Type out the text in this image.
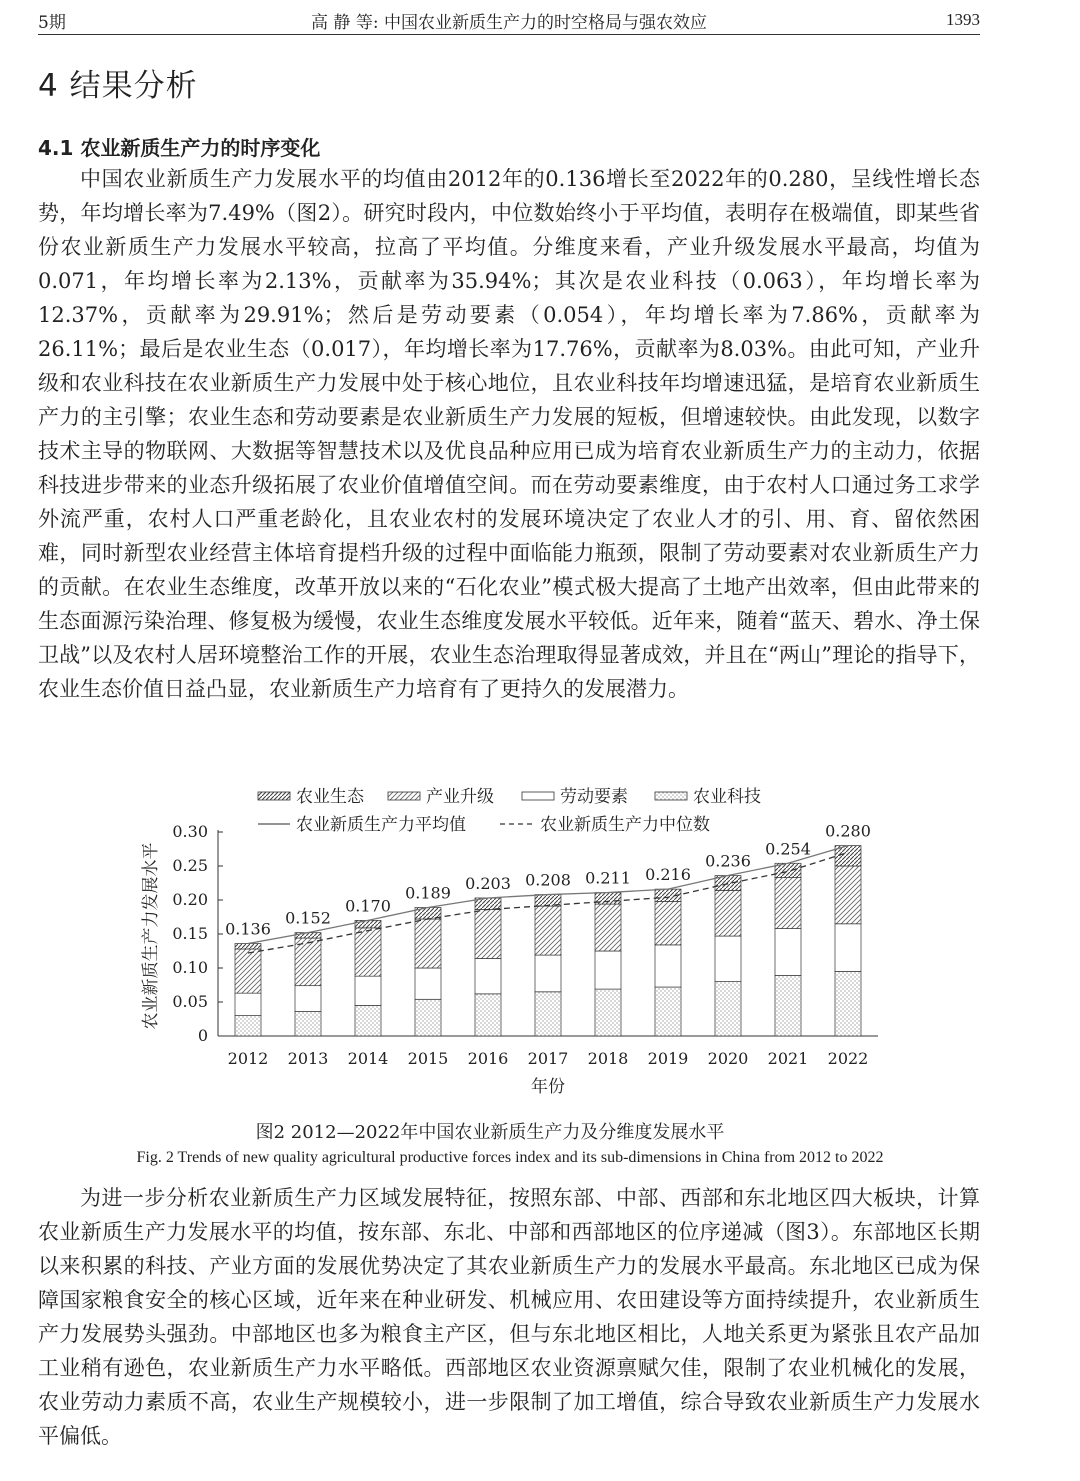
5期	高 静 等: 中国农业新质生产力的时空格局与强农效应	1393
4 结果分析
4.1 农业新质生产力的时序变化

中国农业新质生产力发展水平的均值由2012年的0.136增长至2022年的0.280，呈线性增长态势，年均增长率为7.49%（图2）。研究时段内，中位数始终小于平均值，表明存在极端值，即某些省份农业新质生产力发展水平较高，拉高了平均值。分维度来看，产业升级发展水平最高，均值为0.071，年均增长率为2.13%，贡献率为35.94%；其次是农业科技（0.063），年均增长率为12.37%，贡献率为29.91%；然后是劳动要素（0.054），年均增长率为7.86%，贡献率为26.11%；最后是农业生态（0.017），年均增长率为17.76%，贡献率为8.03%。由此可知，产业升级和农业科技在农业新质生产力发展中处于核心地位，且农业科技年均增速迅猛，是培育农业新质生产力的主引擎；农业生态和劳动要素是农业新质生产力发展的短板，但增速较快。由此发现，以数字技术主导的物联网、大数据等智慧技术以及优良品种应用已成为培育农业新质生产力的主动力，依据科技进步带来的业态升级拓展了农业价值增值空间。而在劳动要素维度，由于农村人口通过务工求学外流严重，农村人口严重老龄化，且农业农村的发展环境决定了农业人才的引、用、育、留依然困难，同时新型农业经营主体培育提档升级的过程中面临能力瓶颈，限制了劳动要素对农业新质生产力的贡献。在农业生态维度，改革开放以来的“石化农业”模式极大提高了土地产出效率，但由此带来的生态面源污染治理、修复极为缓慢，农业生态维度发展水平较低。近年来，随着“蓝天、碧水、净土保卫战”以及农村人居环境整治工作的开展，农业生态治理取得显著成效，并且在“两山”理论的指导下，农业生态价值日益凸显，农业新质生产力培育有了更持久的发展潜力。

农业生态	产业升级	劳动要素	农业科技
农业新质生产力平均值	农业新质生产力中位数
0
0.05
0.10
0.15
0.20
0.25
0.30
2012 2013 2014 2015 2016 2017 2018 2019 2020 2021 2022
年份
农业新质生产力发展水平	0.136
0.152
0.170
0.189
0.203 0.208 0.211 0.216
0.236
0.254
0.280
图2 2012—2022年中国农业新质生产力及分维度发展水平
Fig. 2 Trends of new quality agricultural productive forces index and its sub-dimensions in China from 2012 to 2022

为进一步分析农业新质生产力区域发展特征，按照东部、中部、西部和东北地区四大板块，计算农业新质生产力发展水平的均值，按东部、东北、中部和西部地区的位序递减（图3）。东部地区长期以来积累的科技、产业方面的发展优势决定了其农业新质生产力的发展水平最高。东北地区已成为保障国家粮食安全的核心区域，近年来在种业研发、机械应用、农田建设等方面持续提升，农业新质生产力发展势头强劲。中部地区也多为粮食主产区，但与东北地区相比，人地关系更为紧张且农产品加工业稍有逊色，农业新质生产力水平略低。西部地区农业资源禀赋欠佳，限制了农业机械化的发展，农业劳动力素质不高，农业生产规模较小，进一步限制了加工增值，综合导致农业新质生产力发展水平偏低。
